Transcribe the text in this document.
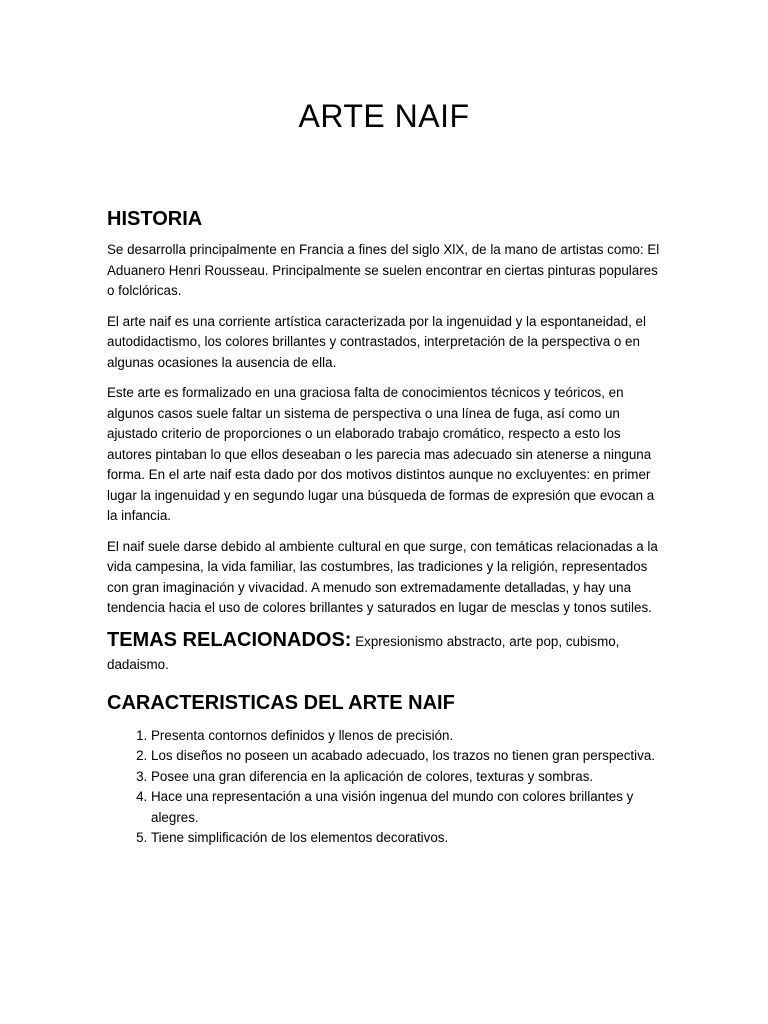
ARTE NAIF
HISTORIA

Se desarrolla principalmente en Francia a fines del siglo XlX, de la mano de artistas como: El Aduanero Henri Rousseau. Principalmente se suelen encontrar en ciertas pinturas populares o folclóricas.

El arte naif es una corriente artística caracterizada por la ingenuidad y la espontaneidad, el autodidactismo, los colores brillantes y contrastados, interpretación de la perspectiva o en algunas ocasiones la ausencia de ella.

Este arte es formalizado en una graciosa falta de conocimientos técnicos y teóricos, en algunos casos suele faltar un sistema de perspectiva o una línea de fuga, así como un ajustado criterio de proporciones o un elaborado trabajo cromático, respecto a esto los autores pintaban lo que ellos deseaban o les parecia mas adecuado sin atenerse a ninguna forma. En el arte naif esta dado por dos motivos distintos aunque no excluyentes: en primer lugar la ingenuidad y en segundo lugar una búsqueda de formas de expresión que evocan a la infancia.

El naif suele darse debido al ambiente cultural en que surge, con temáticas relacionadas a la vida campesina, la vida familiar, las costumbres, las tradiciones y la religión, representados con gran imaginación y vivacidad. A menudo son extremadamente detalladas, y hay una tendencia hacia el uso de colores brillantes y saturados en lugar de mesclas y tonos sutiles.

TEMAS RELACIONADOS: Expresionismo abstracto, arte pop, cubismo, dadaismo.

CARACTERISTICAS DEL ARTE NAIF
1. Presenta contornos definidos y llenos de precisión.
2. Los diseños no poseen un acabado adecuado, los trazos no tienen gran perspectiva.
3. Posee una gran diferencia en la aplicación de colores, texturas y sombras.
4. Hace una representación a una visión ingenua del mundo con colores brillantes y alegres.
5. Tiene simplificación de los elementos decorativos.
